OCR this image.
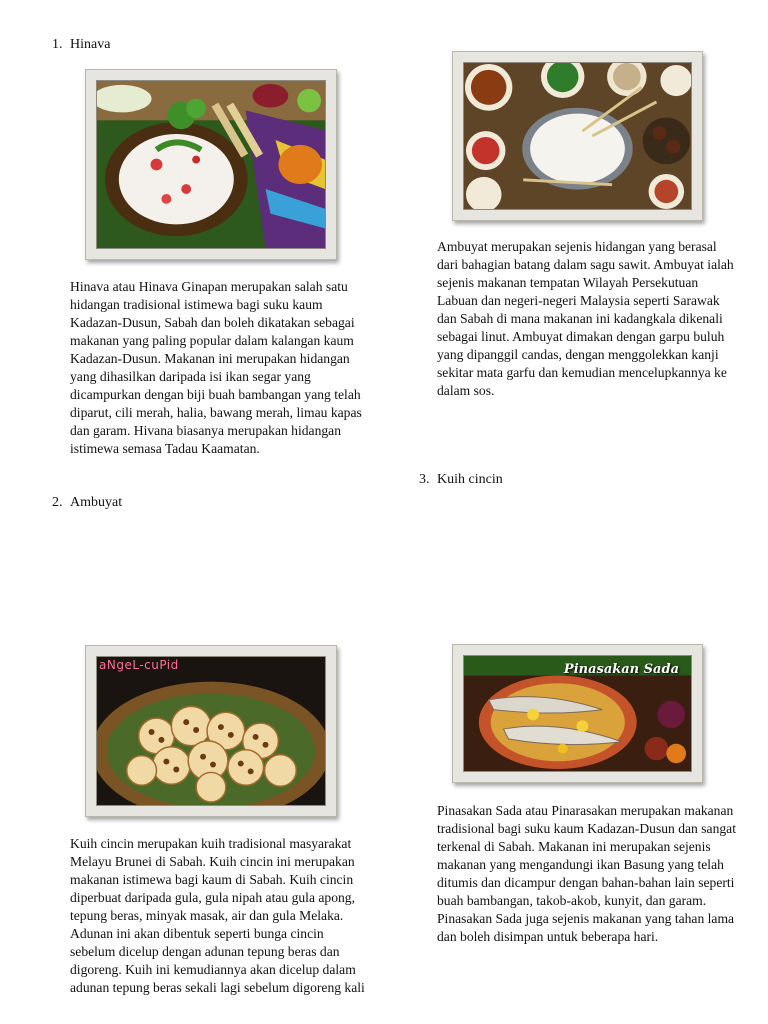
1. Hinava

Hinava atau Hinava Ginapan merupakan salah satu hidangan tradisional istimewa bagi suku kaum Kadazan-Dusun, Sabah dan boleh dikatakan sebagai makanan yang paling popular dalam kalangan kaum Kadazan-Dusun. Makanan ini merupakan hidangan yang dihasilkan daripada isi ikan segar yang dicampurkan dengan biji buah bambangan yang telah diparut, cili merah, halia, bawang merah, limau kapas dan garam. Hivana biasanya merupakan hidangan istimewa semasa Tadau Kaamatan.

2. Ambuyat

Ambuyat merupakan sejenis hidangan yang berasal dari bahagian batang dalam sagu sawit. Ambuyat ialah sejenis makanan tempatan Wilayah Persekutuan Labuan dan negeri-negeri Malaysia seperti Sarawak dan Sabah di mana makanan ini kadangkala dikenali sebagai linut. Ambuyat dimakan dengan garpu buluh yang dipanggil candas, dengan menggolekkan kanji sekitar mata garfu dan kemudian mencelupkannya ke dalam sos.

3. Kuih cincin
aNgeL-cuPid

Kuih cincin merupakan kuih tradisional masyarakat Melayu Brunei di Sabah. Kuih cincin ini merupakan makanan istimewa bagi kaum di Sabah. Kuih cincin diperbuat daripada gula, gula nipah atau gula apong, tepung beras, minyak masak, air dan gula Melaka. Adunan ini akan dibentuk seperti bunga cincin sebelum dicelup dengan adunan tepung beras dan digoreng. Kuih ini kemudiannya akan dicelup dalam adunan tepung beras sekali lagi sebelum digoreng kali

Pinasakan Sada

Pinasakan Sada atau Pinarasakan merupakan makanan tradisional bagi suku kaum Kadazan-Dusun dan sangat terkenal di Sabah. Makanan ini merupakan sejenis makanan yang mengandungi ikan Basung yang telah ditumis dan dicampur dengan bahan-bahan lain seperti buah bambangan, takob-akob, kunyit, dan garam. Pinasakan Sada juga sejenis makanan yang tahan lama dan boleh disimpan untuk beberapa hari.
